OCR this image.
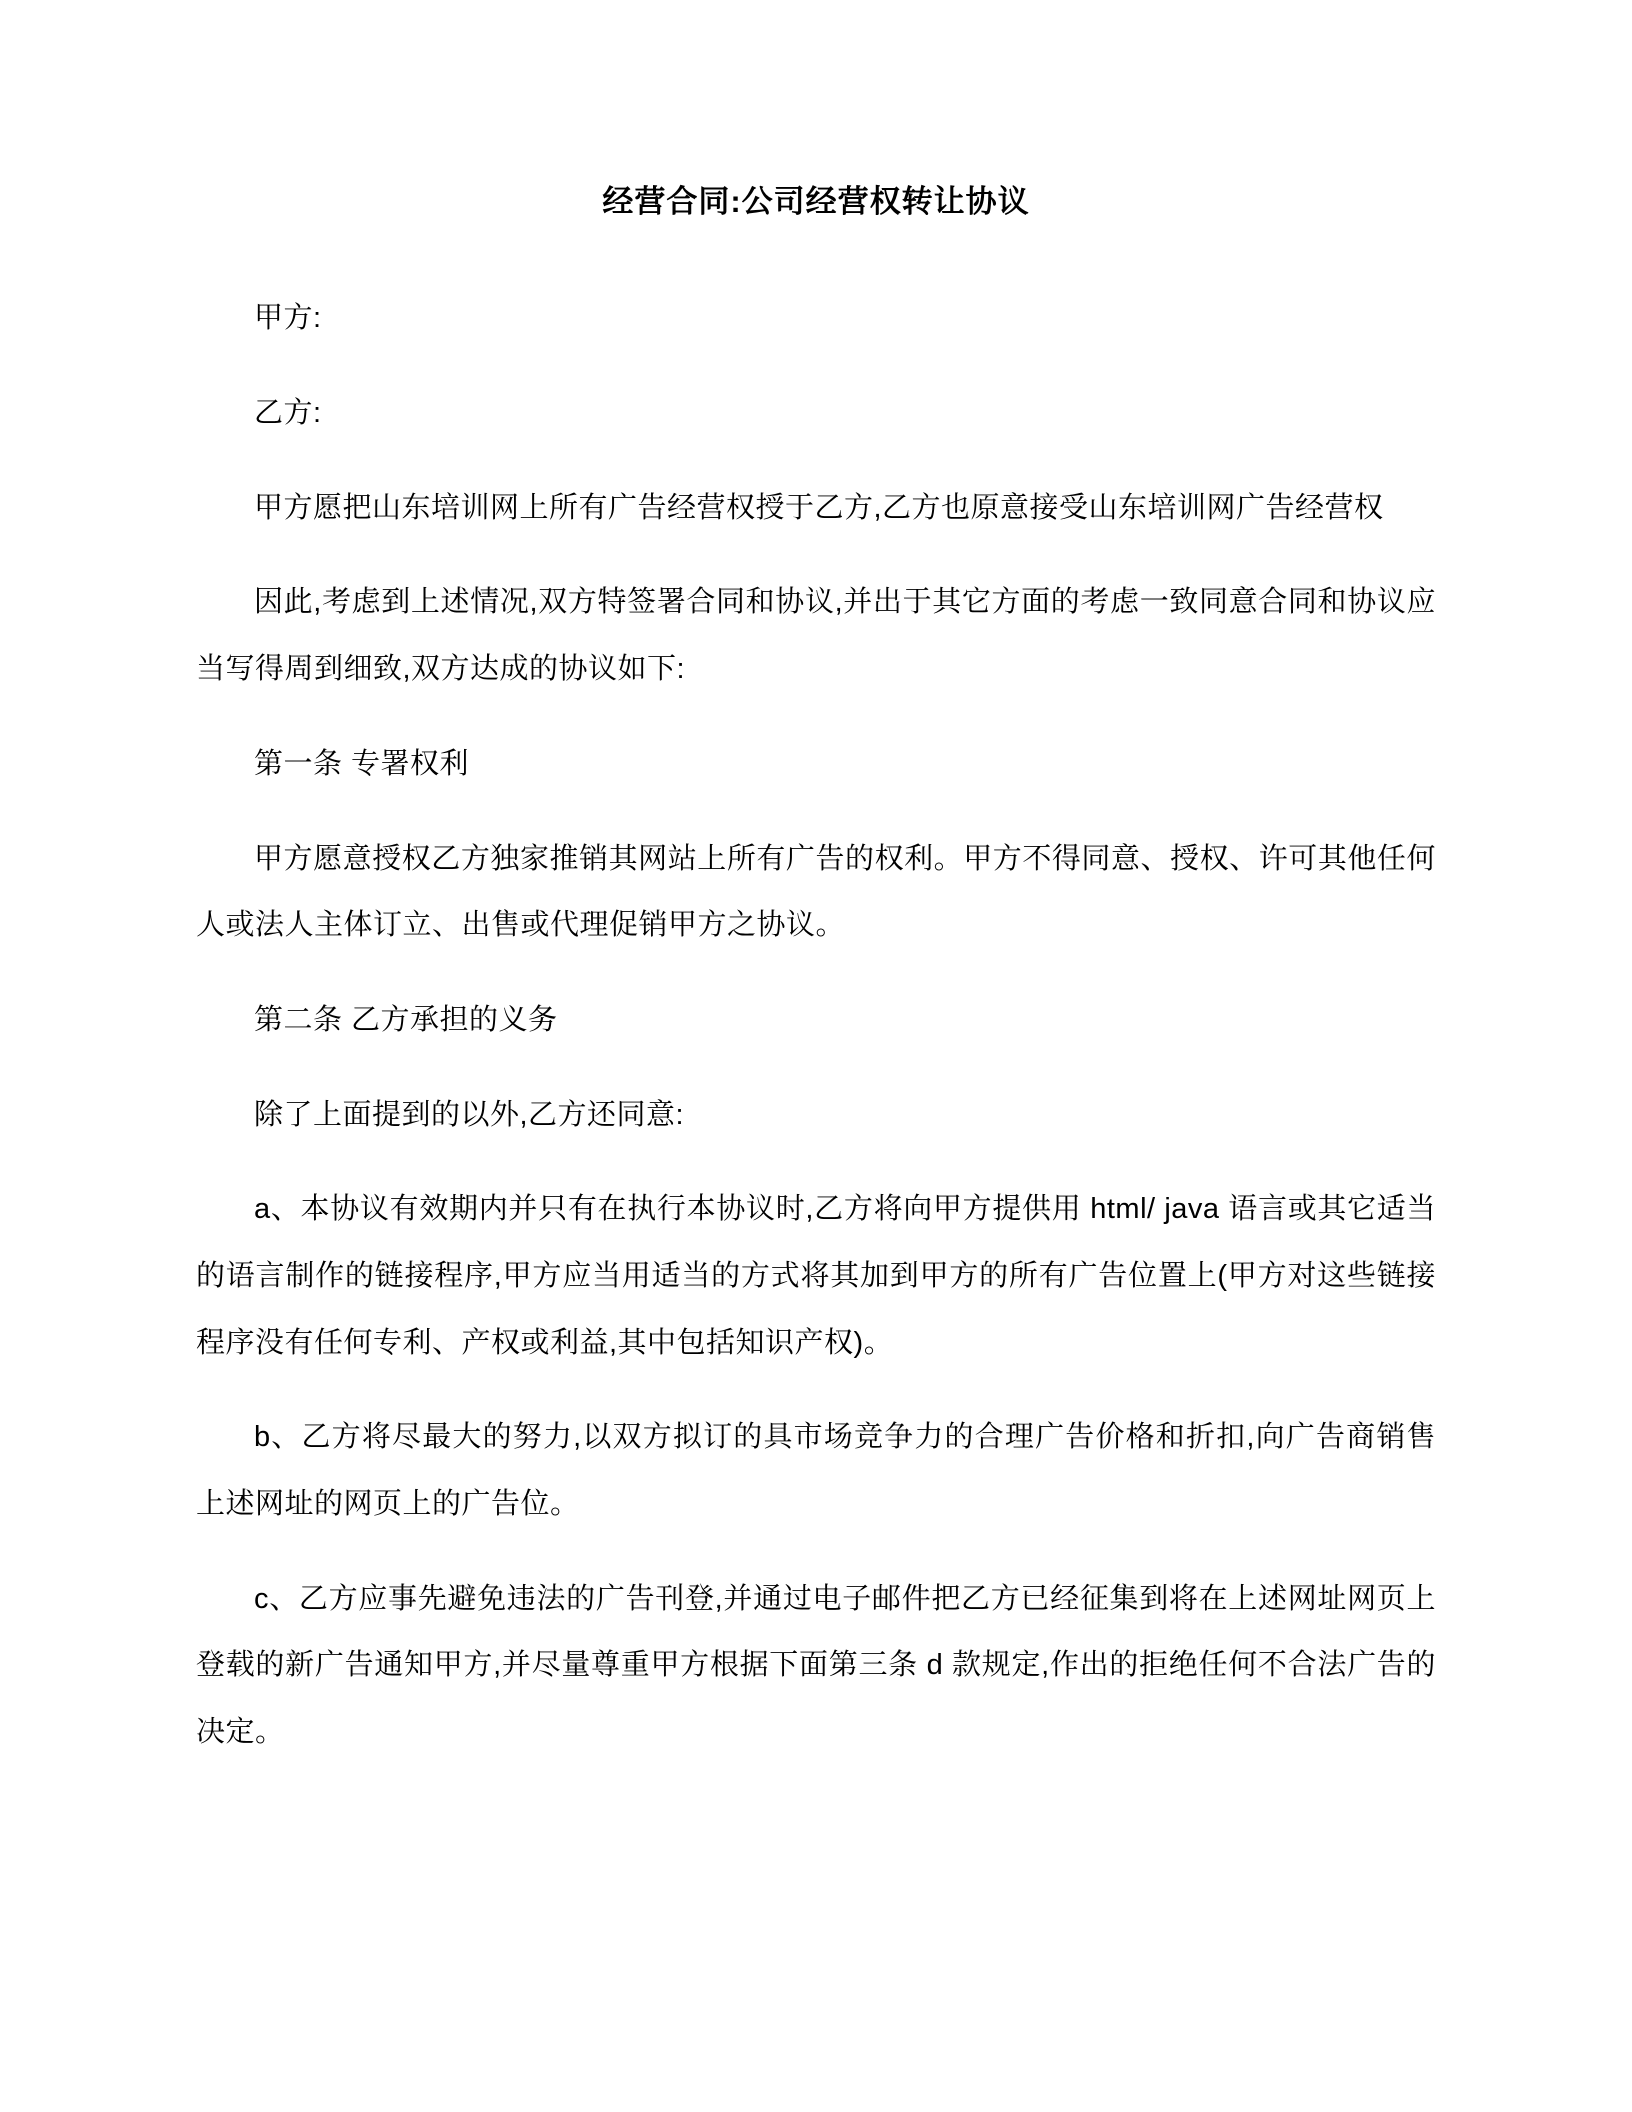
经营合同:公司经营权转让协议

甲方:

乙方:

甲方愿把山东培训网上所有广告经营权授于乙方,乙方也原意接受山东培训网广告经营权

因此,考虑到上述情况,双方特签署合同和协议,并出于其它方面的考虑一致同意合同和协议应当写得周到细致,双方达成的协议如下:

第一条 专署权利

甲方愿意授权乙方独家推销其网站上所有广告的权利。甲方不得同意、授权、许可其他任何人或法人主体订立、出售或代理促销甲方之协议。

第二条 乙方承担的义务

除了上面提到的以外,乙方还同意:

a、本协议有效期内并只有在执行本协议时,乙方将向甲方提供用 html/ java 语言或其它适当的语言制作的链接程序,甲方应当用适当的方式将其加到甲方的所有广告位置上(甲方对这些链接程序没有任何专利、产权或利益,其中包括知识产权)。

b、乙方将尽最大的努力,以双方拟订的具市场竞争力的合理广告价格和折扣,向广告商销售上述网址的网页上的广告位。

c、乙方应事先避免违法的广告刊登,并通过电子邮件把乙方已经征集到将在上述网址网页上登载的新广告通知甲方,并尽量尊重甲方根据下面第三条 d 款规定,作出的拒绝任何不合法广告的决定。
